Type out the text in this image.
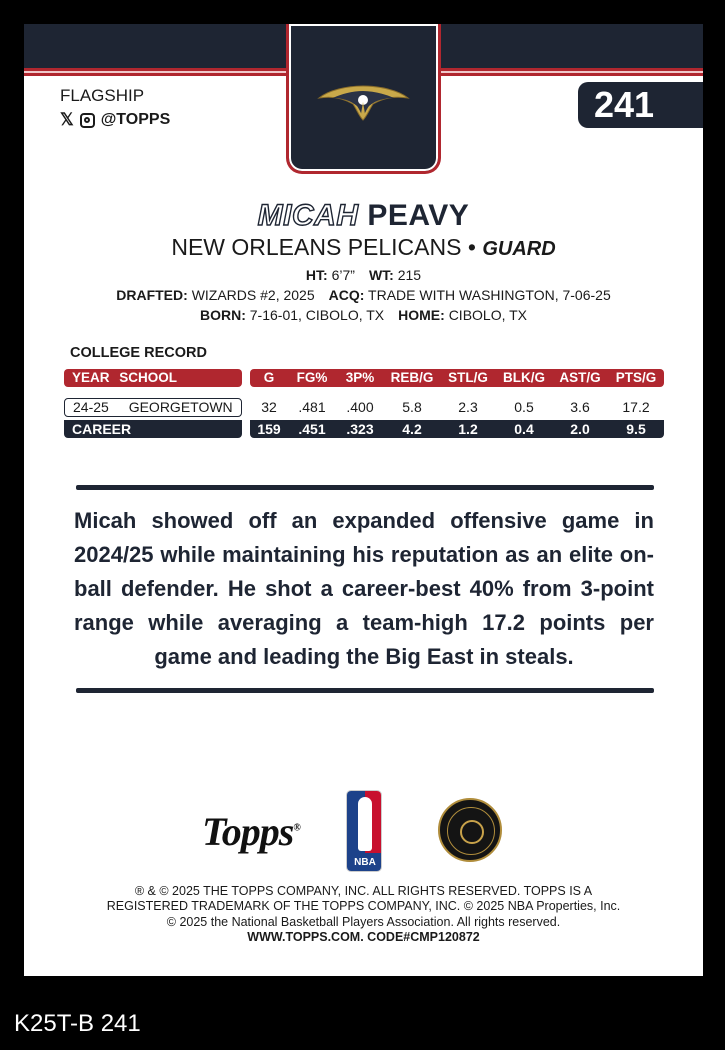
241
FLAGSHIP
𝕏 @TOPPS
MICAH PEAVY
NEW ORLEANS PELICANS • GUARD
HT: 6’7” WT: 215
DRAFTED: WIZARDS #2, 2025 ACQ: TRADE WITH WASHINGTON, 7-06-25
BORN: 7-16-01, CIBOLO, TX HOME: CIBOLO, TX
COLLEGE RECORD
YEAR SCHOOL	G	FG%	3P%	REB/G	STL/G	BLK/G	AST/G	PTS/G
24-25 GEORGETOWN	32	.481	.400	5.8	2.3	0.5	3.6	17.2
CAREER	159	.451	.323	4.2	1.2	0.4	2.0	9.5
Micah showed off an expanded offensive game in 2024/25 while maintaining his reputation as an elite on-ball defender. He shot a career-best 40% from 3-point range while averaging a team-high 17.2 points per game and leading the Big East in steals.
Topps®
NBA
® & © 2025 THE TOPPS COMPANY, INC. ALL RIGHTS RESERVED. TOPPS IS A
REGISTERED TRADEMARK OF THE TOPPS COMPANY, INC. © 2025 NBA Properties, Inc.
© 2025 the National Basketball Players Association. All rights reserved.
WWW.TOPPS.COM. CODE#CMP120872
K25T-B 241
